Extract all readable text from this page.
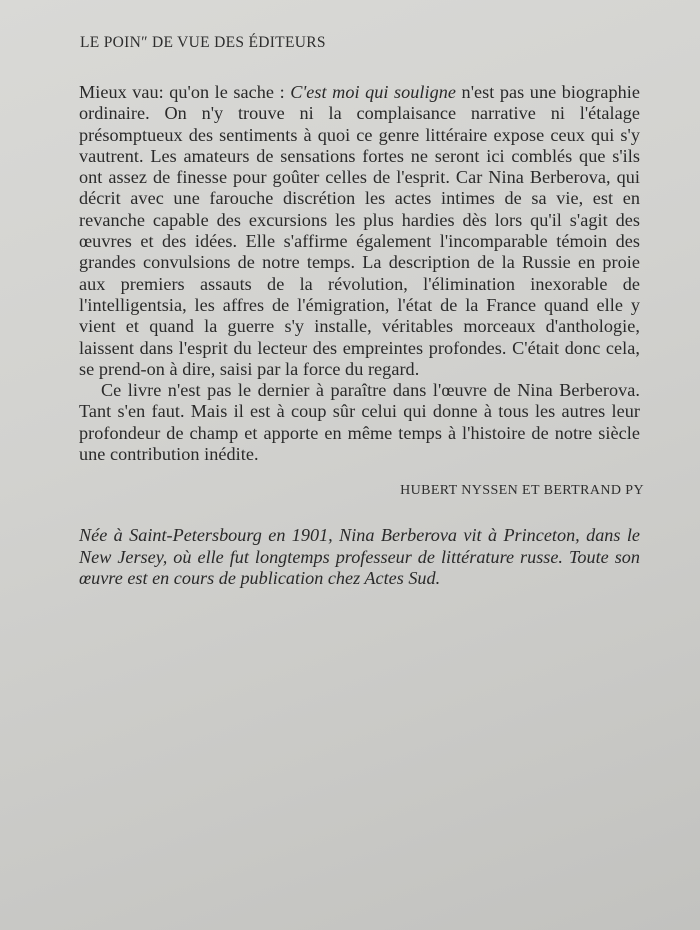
LE POIN″ DE VUE DES ÉDITEURS

Mieux vau: qu'on le sache : C'est moi qui souligne n'est pas une biographie ordinaire. On n'y trouve ni la complaisance narrative ni l'étalage présomptueux des sentiments à quoi ce genre littéraire expose ceux qui s'y vautrent. Les amateurs de sensations fortes ne seront ici comblés que s'ils ont assez de finesse pour goûter celles de l'esprit. Car Nina Berberova, qui décrit avec une farouche discrétion les actes intimes de sa vie, est en revanche capable des excursions les plus hardies dès lors qu'il s'agit des œuvres et des idées. Elle s'affirme également l'incomparable témoin des grandes convulsions de notre temps. La description de la Russie en proie aux premiers assauts de la révolution, l'élimination inexorable de l'intelligentsia, les affres de l'émigration, l'état de la France quand elle y vient et quand la guerre s'y installe, véritables morceaux d'anthologie, laissent dans l'esprit du lecteur des empreintes profondes. C'était donc cela, se prend-on à dire, saisi par la force du regard.

Ce livre n'est pas le dernier à paraître dans l'œuvre de Nina Berberova. Tant s'en faut. Mais il est à coup sûr celui qui donne à tous les autres leur profondeur de champ et apporte en même temps à l'histoire de notre siècle une contribution inédite.

HUBERT NYSSEN ET BERTRAND PY
Née à Saint-Petersbourg en 1901, Nina Berberova vit à Princeton, dans le New Jersey, où elle fut longtemps professeur de littérature russe. Toute son œuvre est en cours de publication chez Actes Sud.
